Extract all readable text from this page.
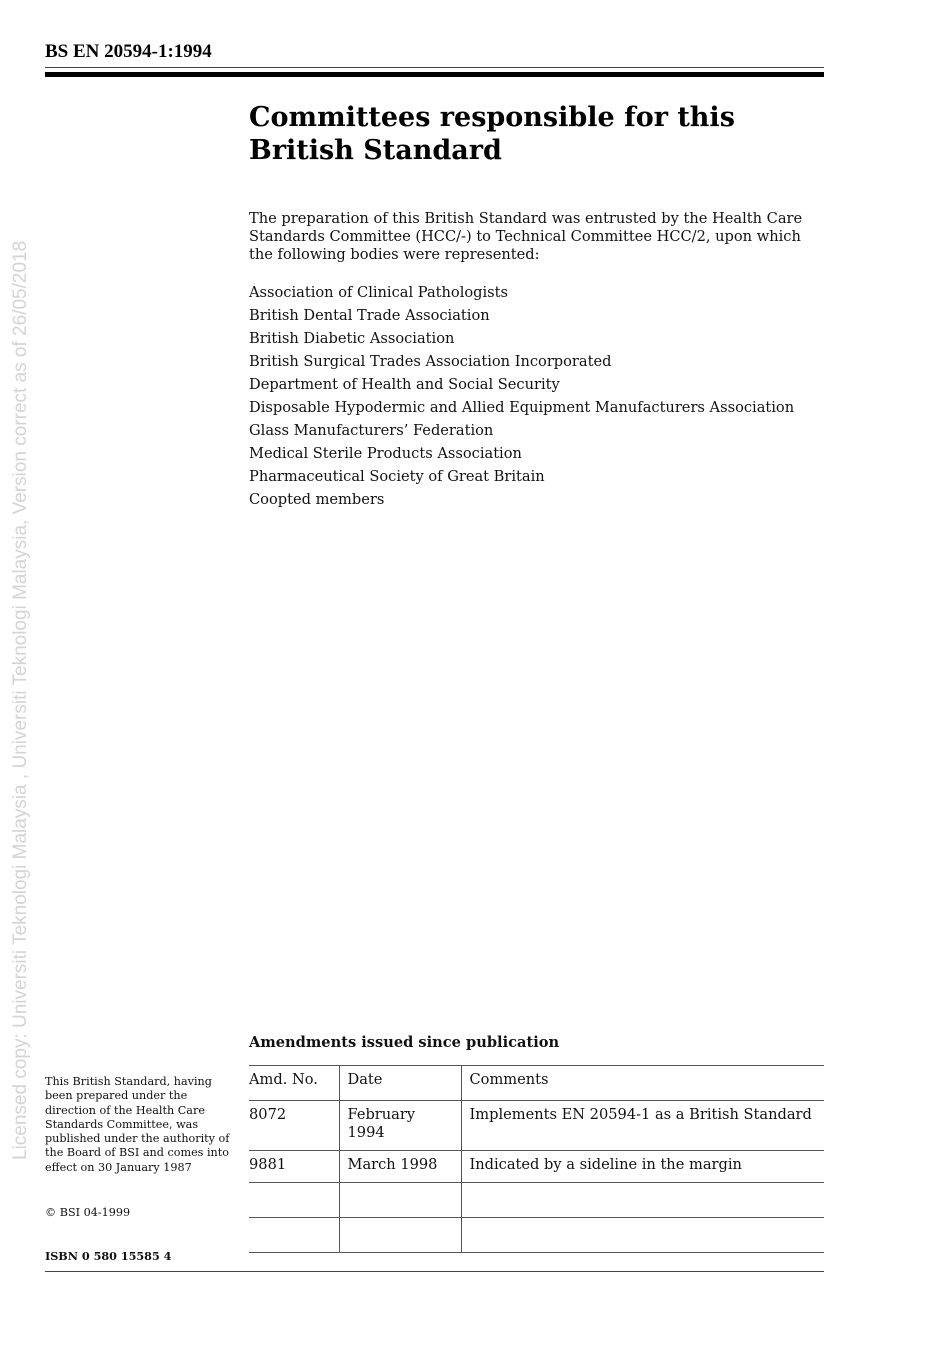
BS EN 20594-1:1994
Licensed copy: Universiti Teknologi Malaysia , Universiti Teknologi Malaysia, Version correct as of 26/05/2018
Committees responsible for this British Standard

The preparation of this British Standard was entrusted by the Health Care Standards Committee (HCC/-) to Technical Committee HCC/2, upon which the following bodies were represented:

Association of Clinical Pathologists
British Dental Trade Association
British Diabetic Association
British Surgical Trades Association Incorporated
Department of Health and Social Security
Disposable Hypodermic and Allied Equipment Manufacturers Association
Glass Manufacturers’ Federation
Medical Sterile Products Association
Pharmaceutical Society of Great Britain
Coopted members
Amendments issued since publication
Amd. No.	Date	Comments
8072	February 1994	Implements EN 20594-1 as a British Standard
9881	March 1998	Indicated by a sideline in the margin

This British Standard, having been prepared under the direction of the Health Care Standards Committee, was published under the authority of the Board of BSI and comes into effect on 30 January 1987

© BSI 04-1999

ISBN 0 580 15585 4
